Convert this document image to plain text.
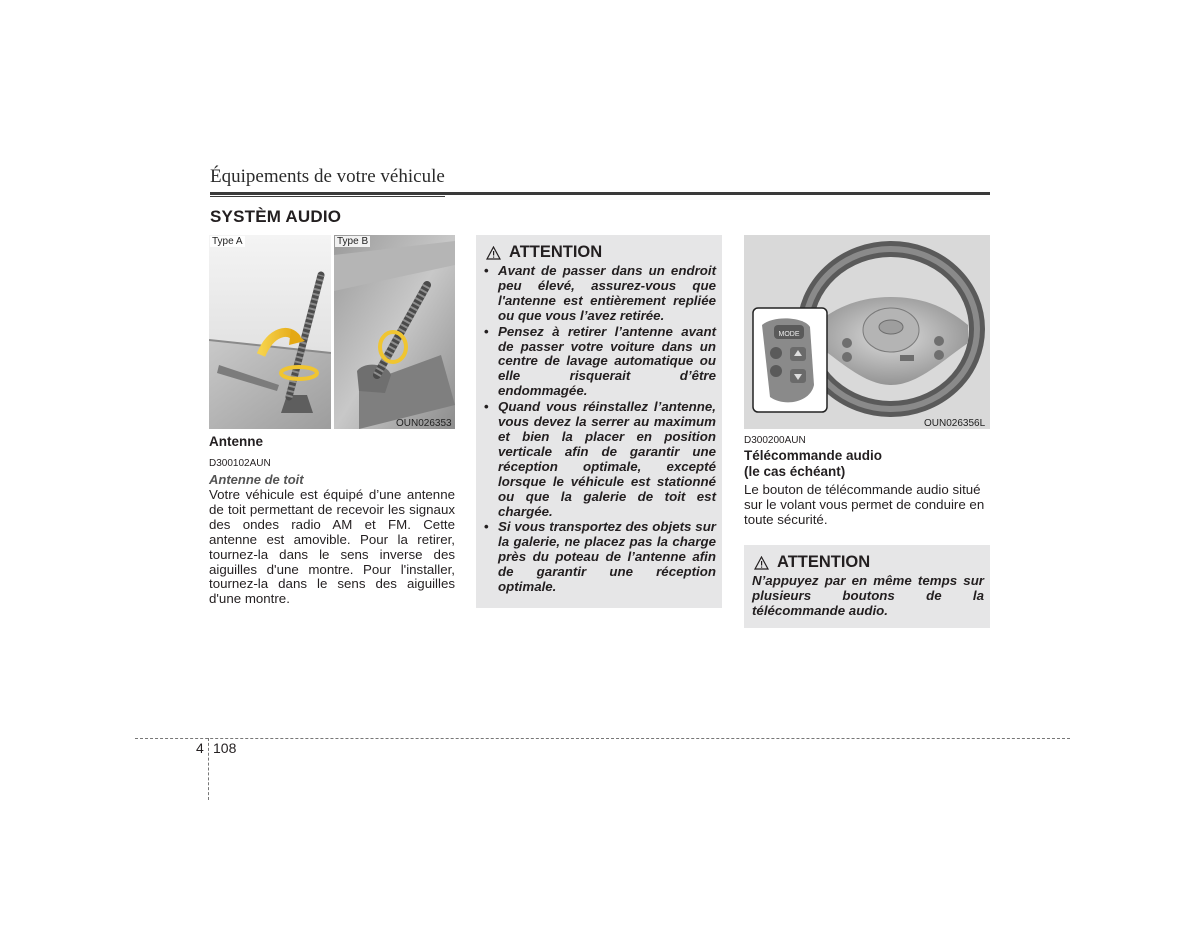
Équipements de votre véhicule
SYSTÈM AUDIO
Type A	Type B
OUN026353
Antenne
D300102AUN
Antenne de toit
Votre véhicule est équipé d’une antenne de toit permettant de recevoir les signaux des ondes radio AM et FM. Cette antenne est amovible. Pour la retirer, tournez-la dans le sens inverse des aiguilles d'une montre. Pour l'installer, tournez-la dans le sens des aiguilles d'une montre.
ATTENTION
• Avant de passer dans un endroit peu élevé, assurez-vous que l'antenne est entièrement repliée ou que vous l’avez retirée.
• Pensez à retirer l’antenne avant de passer votre voiture dans un centre de lavage automatique ou elle risquerait d’être endommagée.
• Quand vous réinstallez l’antenne, vous devez la serrer au maximum et bien la placer en position verticale afin de garantir une réception optimale, excepté lorsque le véhicule est stationné ou que la galerie de toit est chargée.
• Si vous transportez des objets sur la galerie, ne placez pas la charge près du poteau de l’antenne afin de garantir une réception optimale.
MODE
OUN026356L
D300200AUN
Télécommande audio
(le cas échéant)
Le bouton de télécommande audio situé sur le volant vous permet de conduire en toute sécurité.
ATTENTION
N’appuyez par en même temps sur plusieurs boutons de la télécommande audio.
4 108
